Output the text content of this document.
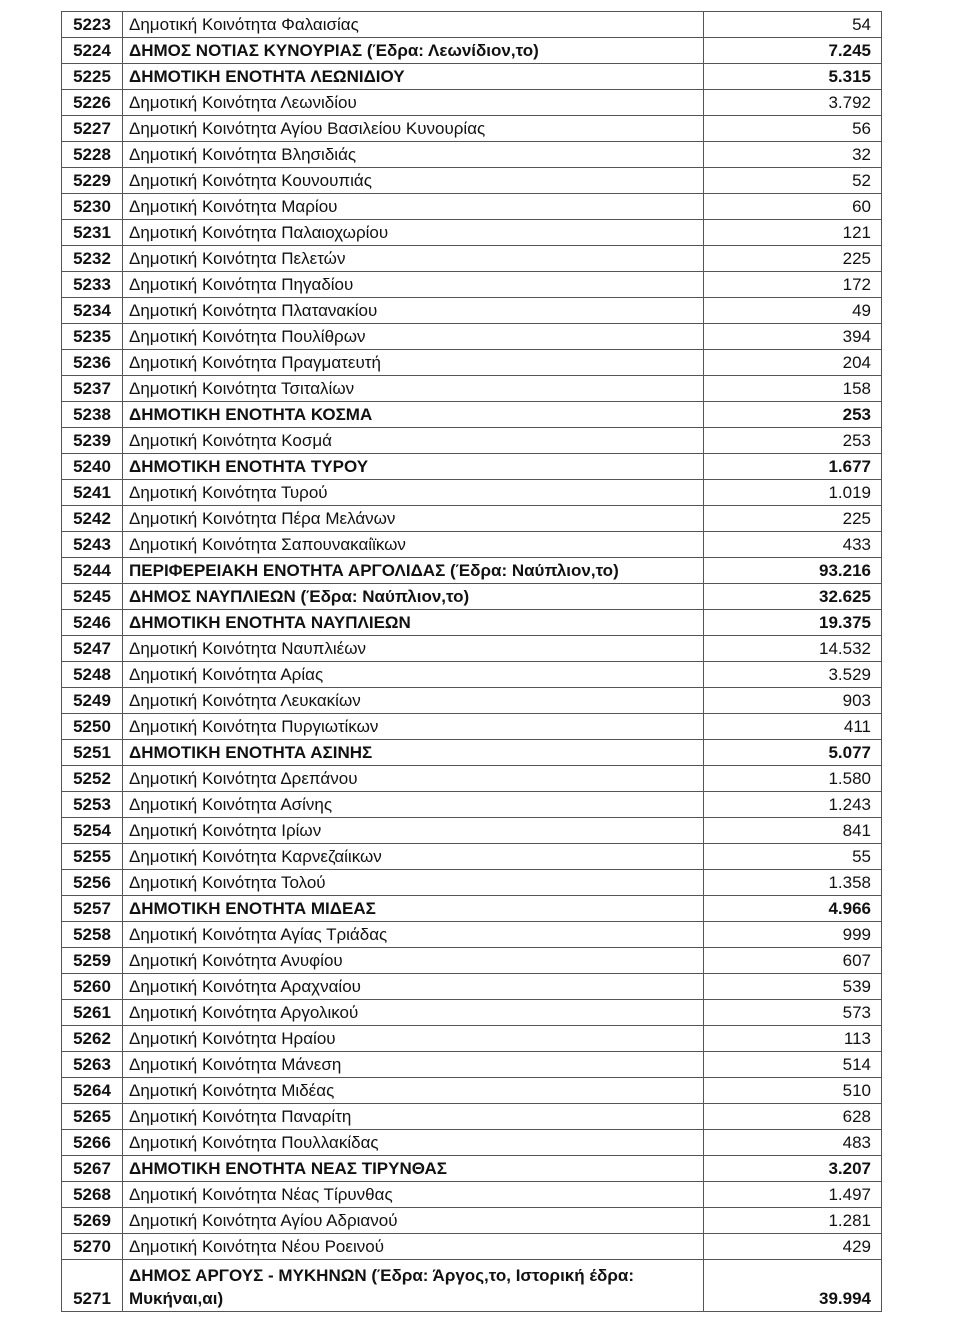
5223	Δημοτική Κοινότητα Φαλαισίας	54
5224	ΔΗΜΟΣ ΝΟΤΙΑΣ ΚΥΝΟΥΡΙΑΣ (Έδρα: Λεωνίδιον,το)	7.245
5225	ΔΗΜΟΤΙΚΗ ΕΝΟΤΗΤΑ ΛΕΩΝΙΔΙΟΥ	5.315
5226	Δημοτική Κοινότητα Λεωνιδίου	3.792
5227	Δημοτική Κοινότητα Αγίου Βασιλείου Κυνουρίας	56
5228	Δημοτική Κοινότητα Βλησιδιάς	32
5229	Δημοτική Κοινότητα Κουνουπιάς	52
5230	Δημοτική Κοινότητα Μαρίου	60
5231	Δημοτική Κοινότητα Παλαιοχωρίου	121
5232	Δημοτική Κοινότητα Πελετών	225
5233	Δημοτική Κοινότητα Πηγαδίου	172
5234	Δημοτική Κοινότητα Πλατανακίου	49
5235	Δημοτική Κοινότητα Πουλίθρων	394
5236	Δημοτική Κοινότητα Πραγματευτή	204
5237	Δημοτική Κοινότητα Τσιταλίων	158
5238	ΔΗΜΟΤΙΚΗ ΕΝΟΤΗΤΑ ΚΟΣΜΑ	253
5239	Δημοτική Κοινότητα Κοσμά	253
5240	ΔΗΜΟΤΙΚΗ ΕΝΟΤΗΤΑ ΤΥΡΟΥ	1.677
5241	Δημοτική Κοινότητα Τυρού	1.019
5242	Δημοτική Κοινότητα Πέρα Μελάνων	225
5243	Δημοτική Κοινότητα Σαπουνακαίϊκων	433
5244	ΠΕΡΙΦΕΡΕΙΑΚΗ ΕΝΟΤΗΤΑ ΑΡΓΟΛΙΔΑΣ (Έδρα: Ναύπλιον,το)	93.216
5245	ΔΗΜΟΣ ΝΑΥΠΛΙΕΩΝ (Έδρα: Ναύπλιον,το)	32.625
5246	ΔΗΜΟΤΙΚΗ ΕΝΟΤΗΤΑ ΝΑΥΠΛΙΕΩΝ	19.375
5247	Δημοτική Κοινότητα Ναυπλιέων	14.532
5248	Δημοτική Κοινότητα Αρίας	3.529
5249	Δημοτική Κοινότητα Λευκακίων	903
5250	Δημοτική Κοινότητα Πυργιωτίκων	411
5251	ΔΗΜΟΤΙΚΗ ΕΝΟΤΗΤΑ ΑΣΙΝΗΣ	5.077
5252	Δημοτική Κοινότητα Δρεπάνου	1.580
5253	Δημοτική Κοινότητα Ασίνης	1.243
5254	Δημοτική Κοινότητα Ιρίων	841
5255	Δημοτική Κοινότητα Καρνεζαίικων	55
5256	Δημοτική Κοινότητα Τολού	1.358
5257	ΔΗΜΟΤΙΚΗ ΕΝΟΤΗΤΑ ΜΙΔΕΑΣ	4.966
5258	Δημοτική Κοινότητα Αγίας Τριάδας	999
5259	Δημοτική Κοινότητα Ανυφίου	607
5260	Δημοτική Κοινότητα Αραχναίου	539
5261	Δημοτική Κοινότητα Αργολικού	573
5262	Δημοτική Κοινότητα Ηραίου	113
5263	Δημοτική Κοινότητα Μάνεση	514
5264	Δημοτική Κοινότητα Μιδέας	510
5265	Δημοτική Κοινότητα Παναρίτη	628
5266	Δημοτική Κοινότητα Πουλλακίδας	483
5267	ΔΗΜΟΤΙΚΗ ΕΝΟΤΗΤΑ ΝΕΑΣ ΤΙΡΥΝΘΑΣ	3.207
5268	Δημοτική Κοινότητα Νέας Τίρυνθας	1.497
5269	Δημοτική Κοινότητα Αγίου Αδριανού	1.281
5270	Δημοτική Κοινότητα Νέου Ροεινού	429
5271	ΔΗΜΟΣ ΑΡΓΟΥΣ - ΜΥΚΗΝΩΝ (Έδρα: Άργος,το, Ιστορική έδρα: Μυκήναι,αι)	39.994
